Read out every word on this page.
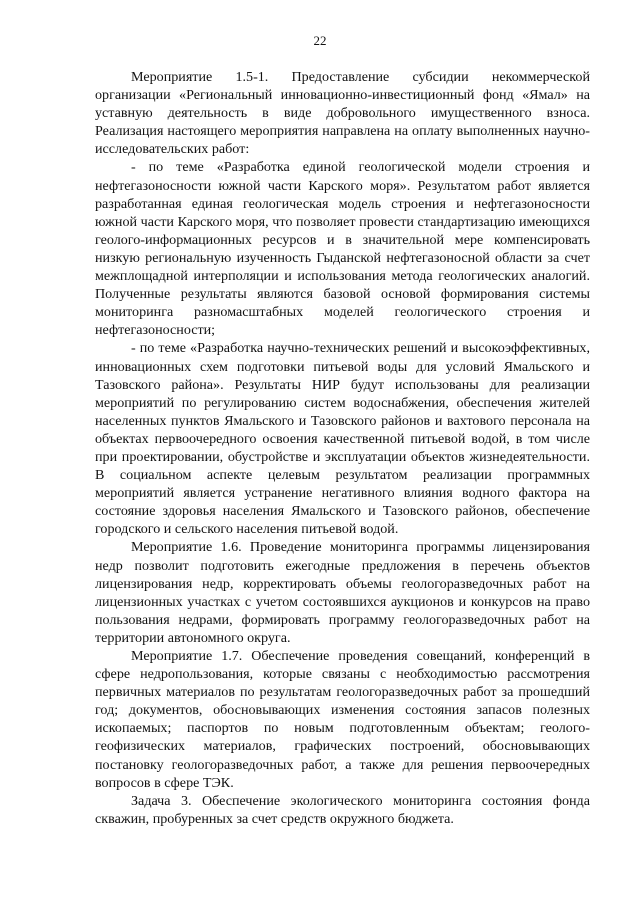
22

Мероприятие 1.5-1. Предоставление субсидии некоммерческой организации «Региональный инновационно-инвестиционный фонд «Ямал» на уставную деятельность в виде добровольного имущественного взноса. Реализация настоящего мероприятия направлена на оплату выполненных научно-исследовательских работ:

- по теме «Разработка единой геологической модели строения и нефтегазоносности южной части Карского моря». Результатом работ является разработанная единая геологическая модель строения и нефтегазоносности южной части Карского моря, что позволяет провести стандартизацию имеющихся геолого-информационных ресурсов и в значительной мере компенсировать низкую региональную изученность Гыданской нефтегазоносной области за счет межплощадной интерполяции и использования метода геологических аналогий. Полученные результаты являются базовой основой формирования системы мониторинга разномасштабных моделей геологического строения и нефтегазоносности;

- по теме «Разработка научно-технических решений и высокоэффективных, инновационных схем подготовки питьевой воды для условий Ямальского и Тазовского района». Результаты НИР будут использованы для реализации мероприятий по регулированию систем водоснабжения, обеспечения жителей населенных пунктов Ямальского и Тазовского районов и вахтового персонала на объектах первоочередного освоения качественной питьевой водой, в том числе при проектировании, обустройстве и эксплуатации объектов жизнедеятельности. В социальном аспекте целевым результатом реализации программных мероприятий является устранение негативного влияния водного фактора на состояние здоровья населения Ямальского и Тазовского районов, обеспечение городского и сельского населения питьевой водой.

Мероприятие 1.6. Проведение мониторинга программы лицензирования недр позволит подготовить ежегодные предложения в перечень объектов лицензирования недр, корректировать объемы геологоразведочных работ на лицензионных участках с учетом состоявшихся аукционов и конкурсов на право пользования недрами, формировать программу геологоразведочных работ на территории автономного округа.

Мероприятие 1.7. Обеспечение проведения совещаний, конференций в сфере недропользования, которые связаны с необходимостью рассмотрения первичных материалов по результатам геологоразведочных работ за прошедший год; документов, обосновывающих изменения состояния запасов полезных ископаемых; паспортов по новым подготовленным объектам; геолого-геофизических материалов, графических построений, обосновывающих постановку геологоразведочных работ, а также для решения первоочередных вопросов в сфере ТЭК.

Задача 3. Обеспечение экологического мониторинга состояния фонда скважин, пробуренных за счет средств окружного бюджета.
